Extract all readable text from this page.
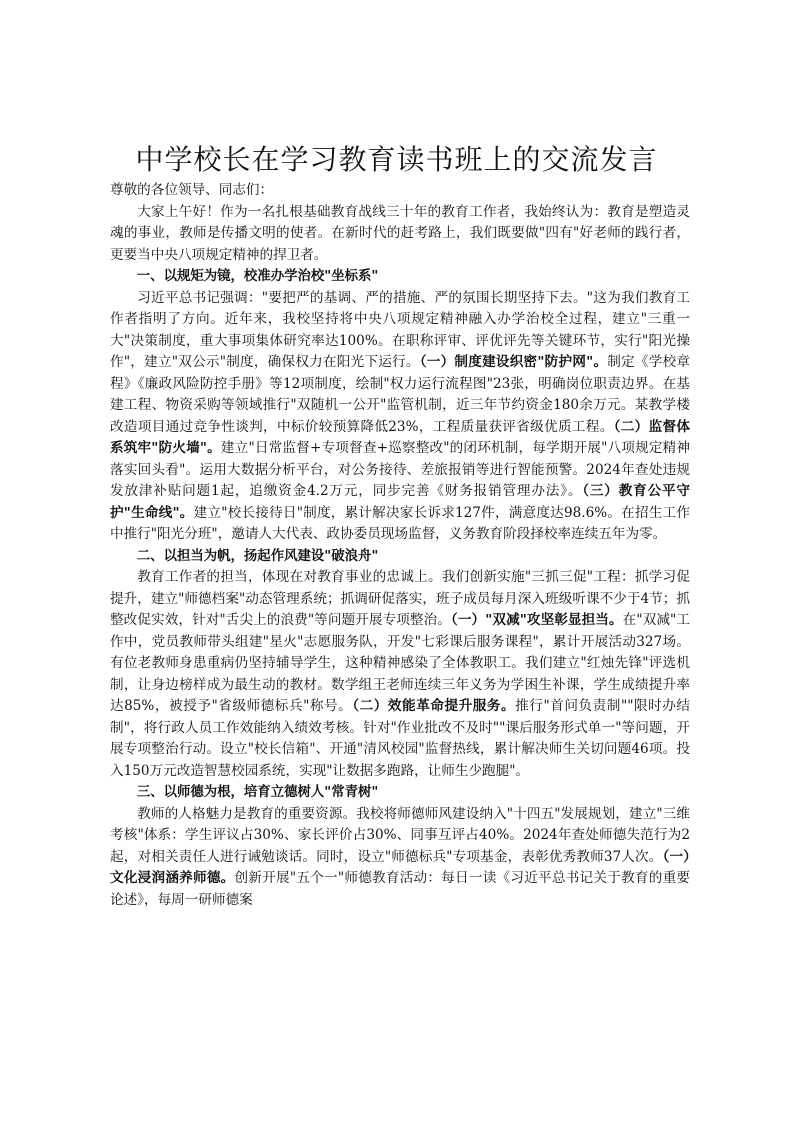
中学校长在学习教育读书班上的交流发言

尊敬的各位领导、同志们：

大家上午好！作为一名扎根基础教育战线三十年的教育工作者，我始终认为：教育是塑造灵魂的事业，教师是传播文明的使者。在新时代的赶考路上，我们既要做"四有"好老师的践行者，更要当中央八项规定精神的捍卫者。

一、以规矩为镜，校准办学治校"坐标系"

习近平总书记强调："要把严的基调、严的措施、严的氛围长期坚持下去。"这为我们教育工作者指明了方向。近年来，我校坚持将中央八项规定精神融入办学治校全过程，建立"三重一大"决策制度，重大事项集体研究率达100%。在职称评审、评优评先等关键环节，实行"阳光操作"，建立"双公示"制度，确保权力在阳光下运行。（一）制度建设织密"防护网"。制定《学校章程》《廉政风险防控手册》等12项制度，绘制"权力运行流程图"23张，明确岗位职责边界。在基建工程、物资采购等领域推行"双随机一公开"监管机制，近三年节约资金180余万元。某教学楼改造项目通过竞争性谈判，中标价较预算降低23%，工程质量获评省级优质工程。（二）监督体系筑牢"防火墙"。建立"日常监督+专项督查+巡察整改"的闭环机制，每学期开展"八项规定精神落实回头看"。运用大数据分析平台，对公务接待、差旅报销等进行智能预警。2024年查处违规发放津补贴问题1起，追缴资金4.2万元，同步完善《财务报销管理办法》。（三）教育公平守护"生命线"。建立"校长接待日"制度，累计解决家长诉求127件，满意度达98.6%。在招生工作中推行"阳光分班"，邀请人大代表、政协委员现场监督，义务教育阶段择校率连续五年为零。

二、以担当为帆，扬起作风建设"破浪舟"

教育工作者的担当，体现在对教育事业的忠诚上。我们创新实施"三抓三促"工程：抓学习促提升，建立"师德档案"动态管理系统；抓调研促落实，班子成员每月深入班级听课不少于4节；抓整改促实效，针对"舌尖上的浪费"等问题开展专项整治。（一）"双减"攻坚彰显担当。在"双减"工作中，党员教师带头组建"星火"志愿服务队，开发"七彩课后服务课程"，累计开展活动327场。有位老教师身患重病仍坚持辅导学生，这种精神感染了全体教职工。我们建立"红烛先锋"评选机制，让身边榜样成为最生动的教材。数学组王老师连续三年义务为学困生补课，学生成绩提升率达85%，被授予"省级师德标兵"称号。（二）效能革命提升服务。推行"首问负责制""限时办结制"，将行政人员工作效能纳入绩效考核。针对"作业批改不及时""课后服务形式单一"等问题，开展专项整治行动。设立"校长信箱"、开通"清风校园"监督热线，累计解决师生关切问题46项。投入150万元改造智慧校园系统，实现"让数据多跑路，让师生少跑腿"。

三、以师德为根，培育立德树人"常青树"

教师的人格魅力是教育的重要资源。我校将师德师风建设纳入"十四五"发展规划，建立"三维考核"体系：学生评议占30%、家长评价占30%、同事互评占40%。2024年查处师德失范行为2起，对相关责任人进行诫勉谈话。同时，设立"师德标兵"专项基金，表彰优秀教师37人次。（一）文化浸润涵养师德。创新开展"五个一"师德教育活动：每日一读《习近平总书记关于教育的重要论述》，每周一研师德案
